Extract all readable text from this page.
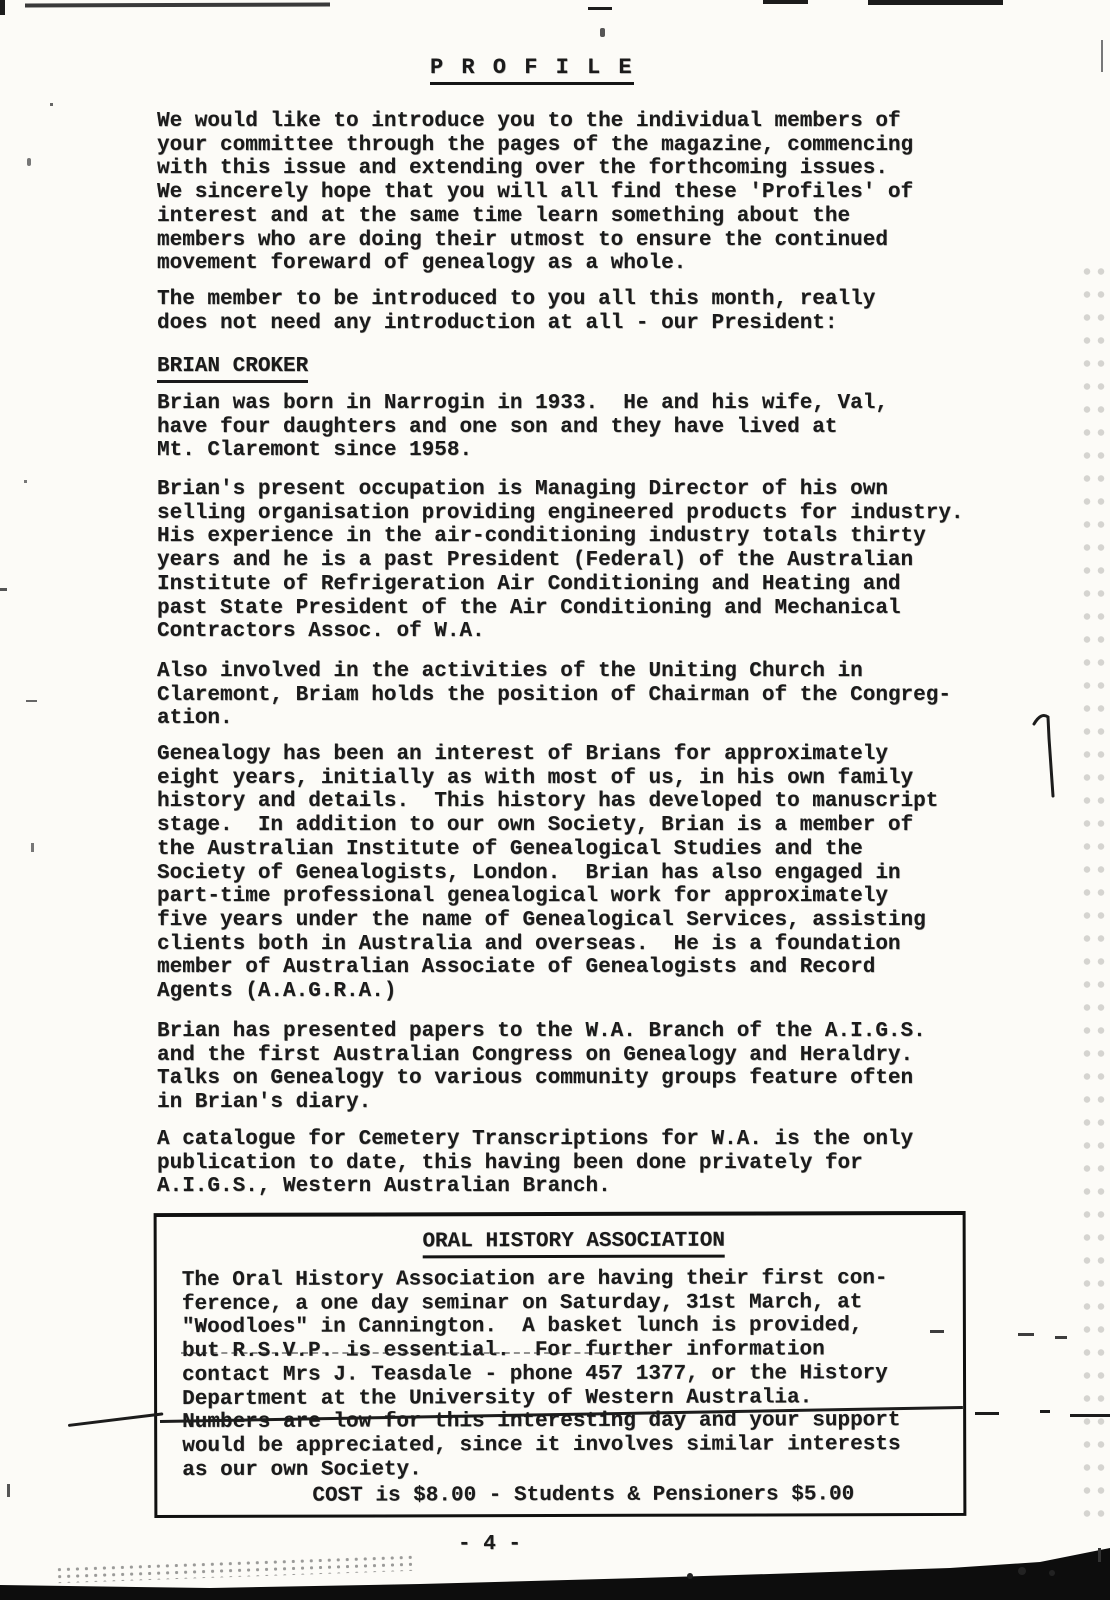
P R O F I L E
We would like to introduce you to the individual members of
your committee through the pages of the magazine, commencing
with this issue and extending over the forthcoming issues.
We sincerely hope that you will all find these 'Profiles' of
interest and at the same time learn something about the
members who are doing their utmost to ensure the continued
movement foreward of genealogy as a whole.
The member to be introduced to you all this month, really
does not need any introduction at all - our President:
BRIAN CROKER
Brian was born in Narrogin in 1933.  He and his wife, Val,
have four daughters and one son and they have lived at
Mt. Claremont since 1958.
Brian's present occupation is Managing Director of his own
selling organisation providing engineered products for industry.
His experience in the air-conditioning industry totals thirty
years and he is a past President (Federal) of the Australian
Institute of Refrigeration Air Conditioning and Heating and
past State President of the Air Conditioning and Mechanical
Contractors Assoc. of W.A.
Also involved in the activities of the Uniting Church in
Claremont, Briam holds the position of Chairman of the Congreg-
ation.
Genealogy has been an interest of Brians for approximately
eight years, initially as with most of us, in his own family
history and details.  This history has developed to manuscript
stage.  In addition to our own Society, Brian is a member of
the Australian Institute of Genealogical Studies and the
Society of Genealogists, London.  Brian has also engaged in
part-time professional genealogical work for approximately
five years under the name of Genealogical Services, assisting
clients both in Australia and overseas.  He is a foundation
member of Australian Associate of Genealogists and Record
Agents (A.A.G.R.A.)
Brian has presented papers to the W.A. Branch of the A.I.G.S.
and the first Australian Congress on Genealogy and Heraldry.
Talks on Genealogy to various community groups feature often
in Brian's diary.
A catalogue for Cemetery Transcriptions for W.A. is the only
publication to date, this having been done privately for
A.I.G.S., Western Australian Branch.
ORAL HISTORY ASSOCIATION
The Oral History Association are having their first con-
ference, a one day seminar on Saturday, 31st March, at
"Woodloes" in Cannington.  A basket lunch is provided,
but R.S.V.P. is essential.  For further information
contact Mrs J. Teasdale - phone 457 1377, or the History
Department at the University of Western Australia.
Numbers are low for this interesting day and your support
would be appreciated, since it involves similar interests
as our own Society.
COST is $8.00 - Students & Pensioners $5.00
- 4 -
